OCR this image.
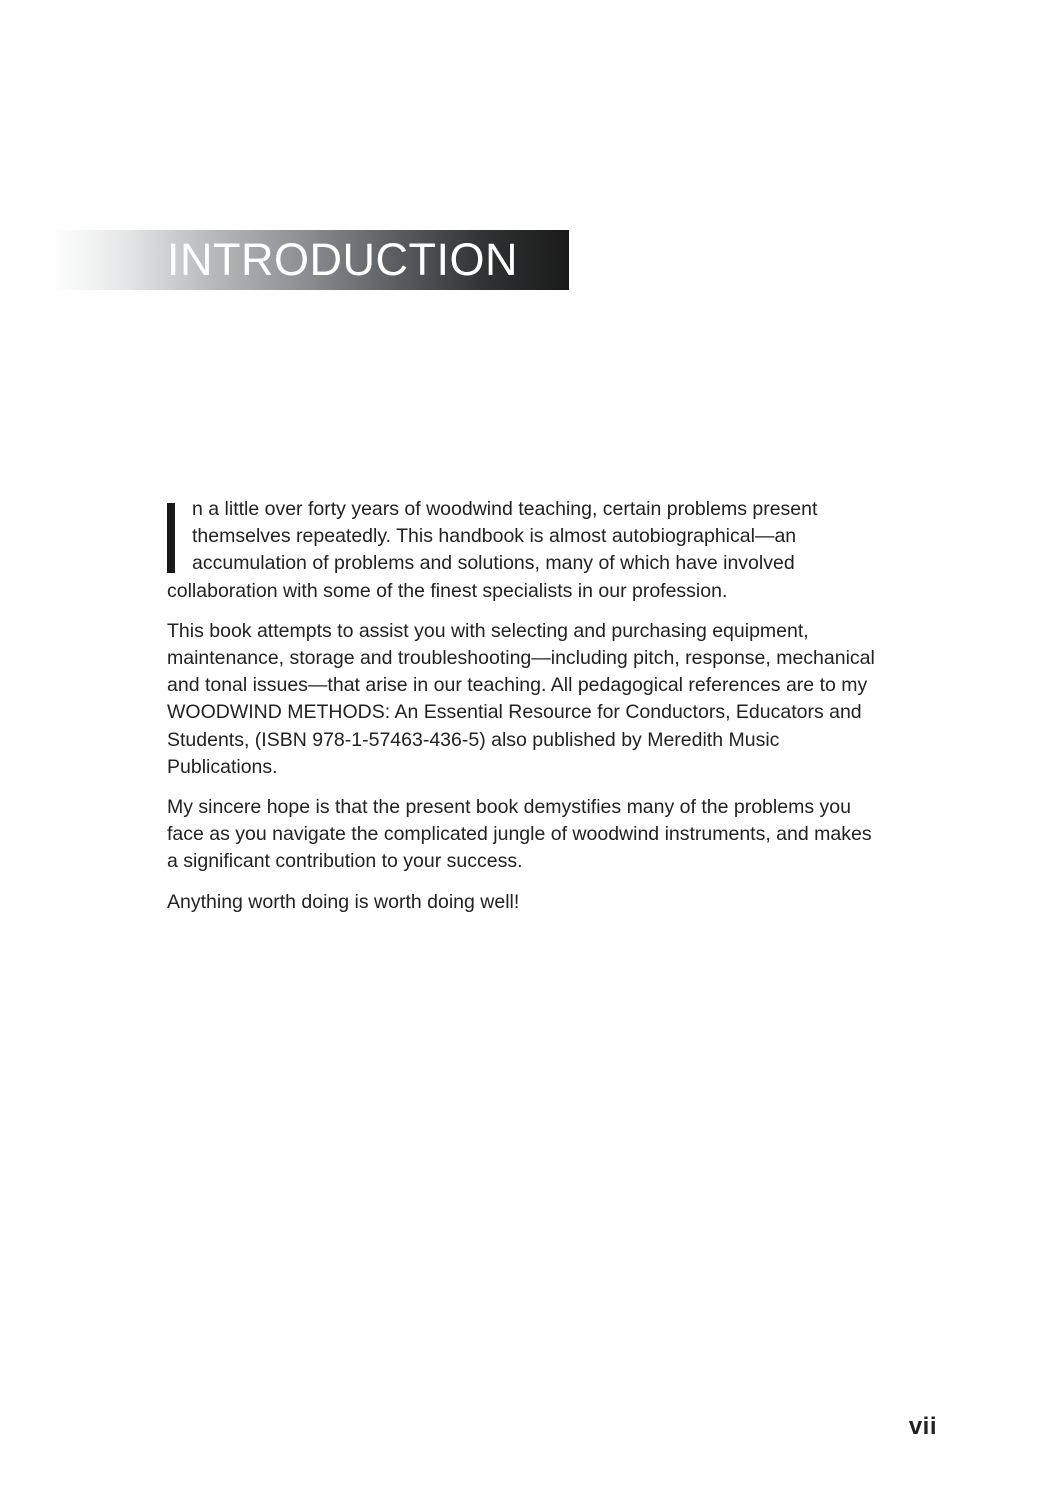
INTRODUCTION

n a little over forty years of woodwind teaching, certain problems present themselves repeatedly. This handbook is almost autobiographical—an accumulation of problems and solutions, many of which have involved collaboration with some of the finest specialists in our profession.

This book attempts to assist you with selecting and purchasing equipment, maintenance, storage and troubleshooting—including pitch, response, mechanical and tonal issues—that arise in our teaching. All pedagogical references are to my WOODWIND METHODS: An Essential Resource for Conductors, Educators and Students, (ISBN 978-1-57463-436-5) also published by Meredith Music Publications.

My sincere hope is that the present book demystifies many of the problems you face as you navigate the complicated jungle of woodwind instruments, and makes a significant contribution to your success.

Anything worth doing is worth doing well!

vii
